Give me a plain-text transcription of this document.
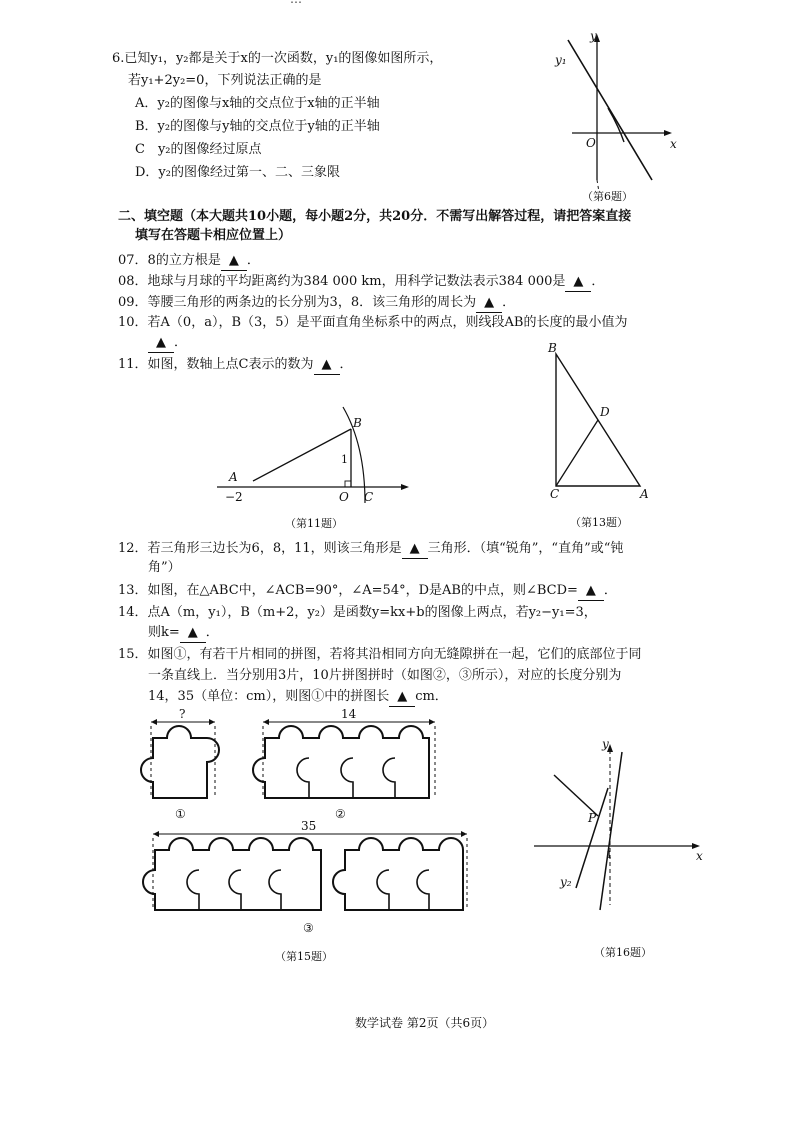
6.已知y₁，y₂都是关于x的一次函数，y₁的图像如图所示，
若y₁+2y₂=0，下列说法正确的是
A．y₂的图像与x轴的交点位于x轴的正半轴
B．y₂的图像与y轴的交点位于y轴的正半轴
C　y₂的图像经过原点
D．y₂的图像经过第一、二、三象限
y
x
O
y₁
（第6题）
二、填空题（本大题共10小题，每小题2分，共20分．不需写出解答过程，请把答案直接
填写在答题卡相应位置上）
07．8的立方根是 ▲ ．
08．地球与月球的平均距离约为384 000 km，用科学记数法表示384 000是 ▲ ．
09．等腰三角形的两条边的长分别为3，8．该三角形的周长为 ▲ ．
10．若A（0，a），B（3，5）是平面直角坐标系中的两点，则线段AB的长度的最小值为
▲ ．
11．如图，数轴上点C表示的数为 ▲ ．
A
−2	O C
B
1
（第11题）
B
D
C	A
（第13题）
12．若三角形三边长为6，8，11，则该三角形是 ▲ 三角形．（填“锐角”，“直角”或“钝
角”）
13．如图，在△ABC中，∠ACB=90°，∠A=54°，D是AB的中点，则∠BCD= ▲ ．
14．点A（m，y₁），B（m+2，y₂）是函数y=kx+b的图像上两点，若y₂−y₁=3，
则k= ▲ ．
15．如图①，有若干片相同的拼图，若将其沿相同方向无缝隙拼在一起，它们的底部位于同
一条直线上．当分别用3片，10片拼图拼时（如图②，③所示），对应的长度分别为
14，35（单位：cm），则图①中的拼图长 ▲ cm．
?
①
14
②
35
③
（第15题）
y
x
P
y₂
1
（第16题）
数学试卷 第2页（共6页）
